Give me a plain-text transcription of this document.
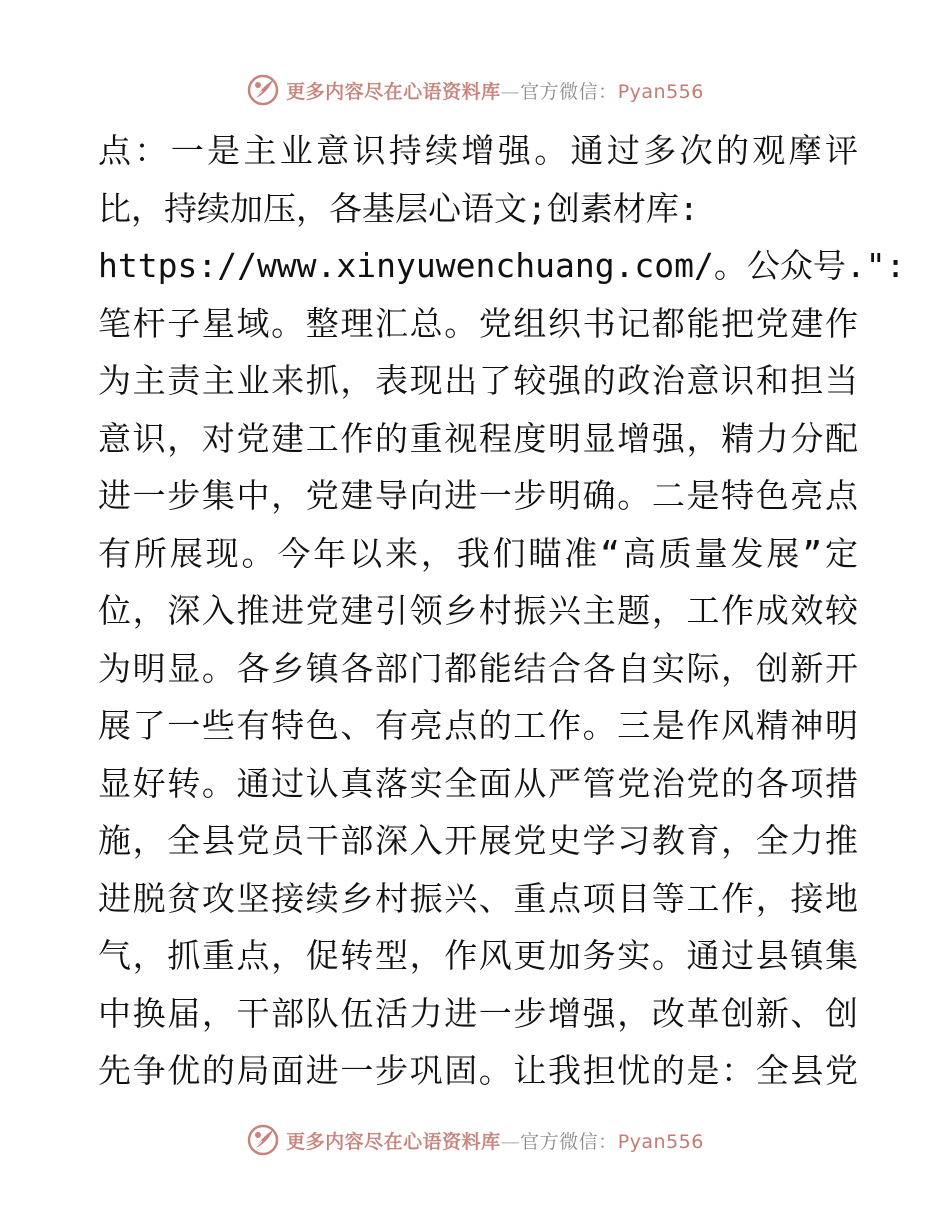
更多内容尽在心语资料库—官方微信：Pyan556
点：一是主业意识持续增强。通过多次的观摩评
比，持续加压，各基层心语文;创素材库:
https://www.xinyuwenchuang.com/。公众号.":
笔杆子星域。整理汇总。党组织书记都能把党建作
为主责主业来抓，表现出了较强的政治意识和担当
意识，对党建工作的重视程度明显增强，精力分配
进一步集中，党建导向进一步明确。二是特色亮点
有所展现。今年以来，我们瞄准“高质量发展”定
位，深入推进党建引领乡村振兴主题，工作成效较
为明显。各乡镇各部门都能结合各自实际，创新开
展了一些有特色、有亮点的工作。三是作风精神明
显好转。通过认真落实全面从严管党治党的各项措
施，全县党员干部深入开展党史学习教育，全力推
进脱贫攻坚接续乡村振兴、重点项目等工作，接地
气，抓重点，促转型，作风更加务实。通过县镇集
中换届，干部队伍活力进一步增强，改革创新、创
先争优的局面进一步巩固。让我担忧的是：全县党
更多内容尽在心语资料库—官方微信：Pyan556
